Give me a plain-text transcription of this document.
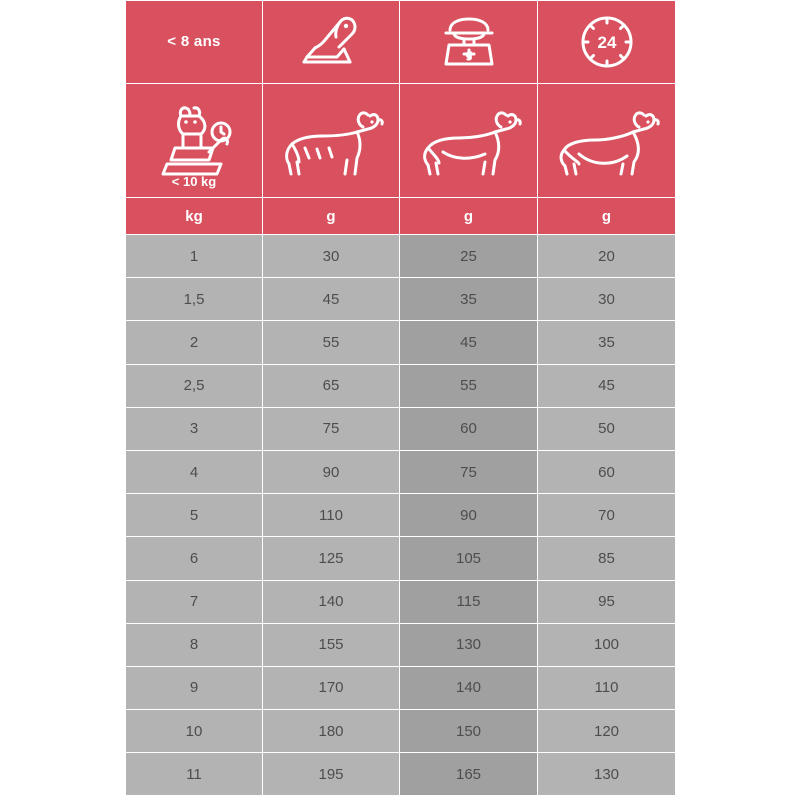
< 8 ans		g	24

< 10 kg

kg	g	g	g
1	30	25	20
1,5	45	35	30
2	55	45	35
2,5	65	55	45
3	75	60	50
4	90	75	60
5	110	90	70
6	125	105	85
7	140	115	95
8	155	130	100
9	170	140	110
10	180	150	120
11	195	165	130
